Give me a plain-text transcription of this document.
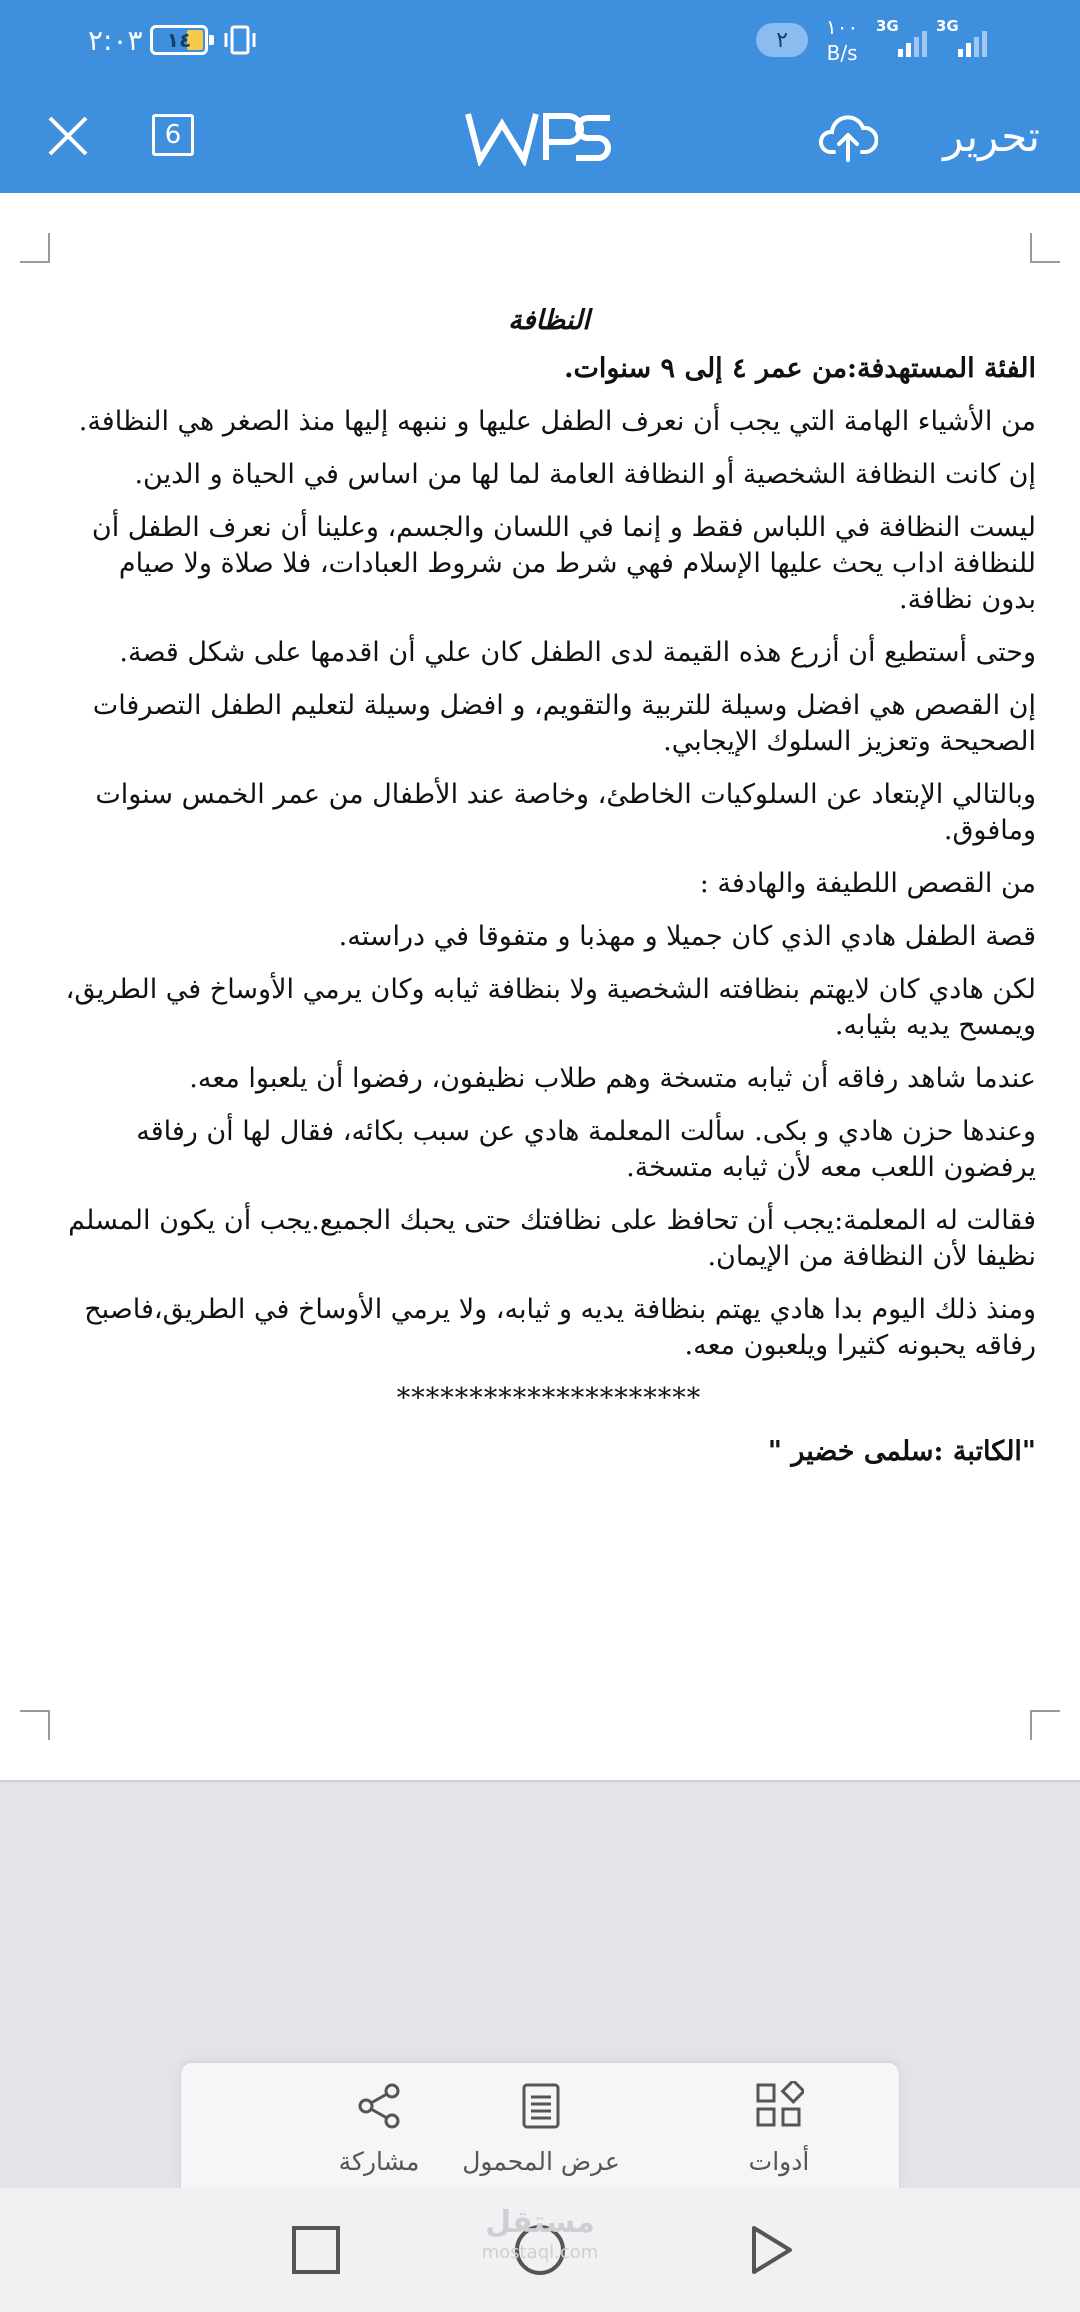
٢:٠٣ ١٤	٢
١٠٠
B/s
3G 3G
6	تحرير

النظافة

الفئة المستهدفة:من عمر ٤ إلى ٩ سنوات.

من الأشياء الهامة التي يجب أن نعرف الطفل عليها و ننبهه إليها منذ الصغر هي النظافة.

إن كانت النظافة الشخصية أو النظافة العامة لما لها من اساس في الحياة و الدين.

ليست النظافة في اللباس فقط و إنما في اللسان والجسم، وعلينا أن نعرف الطفل أن للنظافة اداب يحث عليها الإسلام فهي شرط من شروط العبادات، فلا صلاة ولا صيام بدون نظافة.

وحتى أستطيع أن أزرع هذه القيمة لدى الطفل كان علي أن اقدمها على شكل قصة.

إن القصص هي افضل وسيلة للتربية والتقويم، و افضل وسيلة لتعليم الطفل التصرفات الصحيحة وتعزيز السلوك الإيجابي.

وبالتالي الإبتعاد عن السلوكيات الخاطئ، وخاصة عند الأطفال من عمر الخمس سنوات ومافوق.

من القصص اللطيفة والهادفة :

قصة الطفل هادي الذي كان جميلا و مهذبا و متفوقا في دراسته.

لكن هادي كان لايهتم بنظافته الشخصية ولا بنظافة ثيابه وكان يرمي الأوساخ في الطريق، ويمسح يديه بثيابه.

عندما شاهد رفاقه أن ثيابه متسخة وهم طلاب نظيفون، رفضوا أن يلعبوا معه.

وعندها حزن هادي و بكى. سألت المعلمة هادي عن سبب بكائه، فقال لها أن رفاقه يرفضون اللعب معه لأن ثيابه متسخة.

فقالت له المعلمة:يجب أن تحافظ على نظافتك حتى يحبك الجميع.يجب أن يكون المسلم نظيفا لأن النظافة من الإيمان.

ومنذ ذلك اليوم بدا هادي يهتم بنظافة يديه و ثيابه، ولا يرمي الأوساخ في الطريق،فاصبح رفاقه يحبونه كثيرا ويلعبون معه.

*********************

"الكاتبة :سلمى خضير "

مشاركة عرض المحمول	أدوات
مستقل
mostaql.com
